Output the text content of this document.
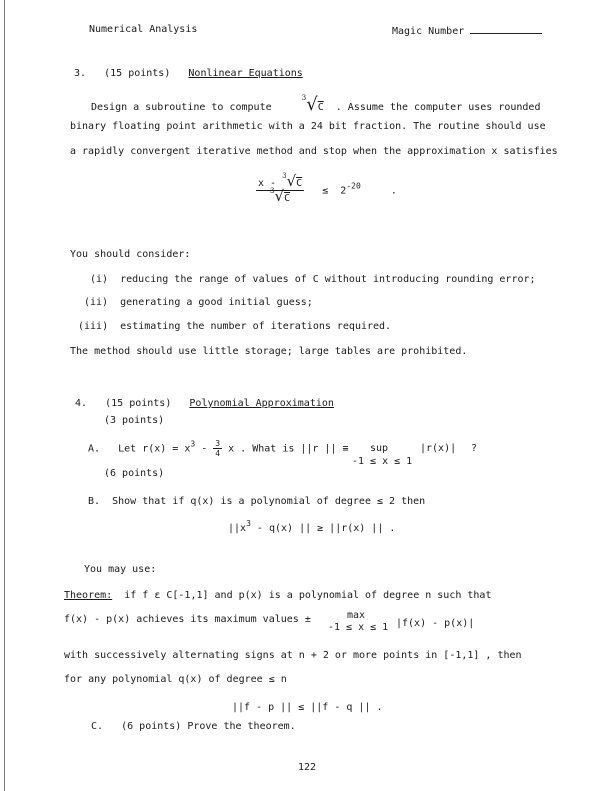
Numerical Analysis	Magic Number
3. (15 points) Nonlinear Equations
Design a subroutine to compute     $^3$√C . Assume the computer uses rounded
binary floating point arithmetic with a 24 bit fraction. The routine should use
a rapidly convergent iterative method and stop when the approximation x satisfies
$\frac{x - ^3√C}{^3√C} \le 2^{-20}$	.
You should consider:
(i) reducing the range of values of C without introducing rounding error;
(ii) generating a good initial guess;
(iii) estimating the number of iterations required.
The method should use little storage; large tables are prohibited.
4. (15 points) Polynomial Approximation
(3 points)
A. Let $r(x) = x^3 - \frac{3}{4}$ x . What is ||r || ≡ sup
-1 ≤ x ≤ 1
|r(x)| ?
(6 points)
B. Show that if q(x) is a polynomial of degree ≤ 2 then
$||x^3 - q(x)$ || ≥ ||r(x) || .
You may use:
Theorem: if f ε C[-1,1] and p(x) is a polynomial of degree n such that
f(x) - p(x) achieves its maximum values ±	max
-1 ≤ x ≤ 1 |f(x) - p(x)|
with successively alternating signs at n + 2 or more points in [-1,1] , then
for any polynomial q(x) of degree ≤ n
||f - p || ≤ ||f - q || .
C. (6 points) Prove the theorem.
122
